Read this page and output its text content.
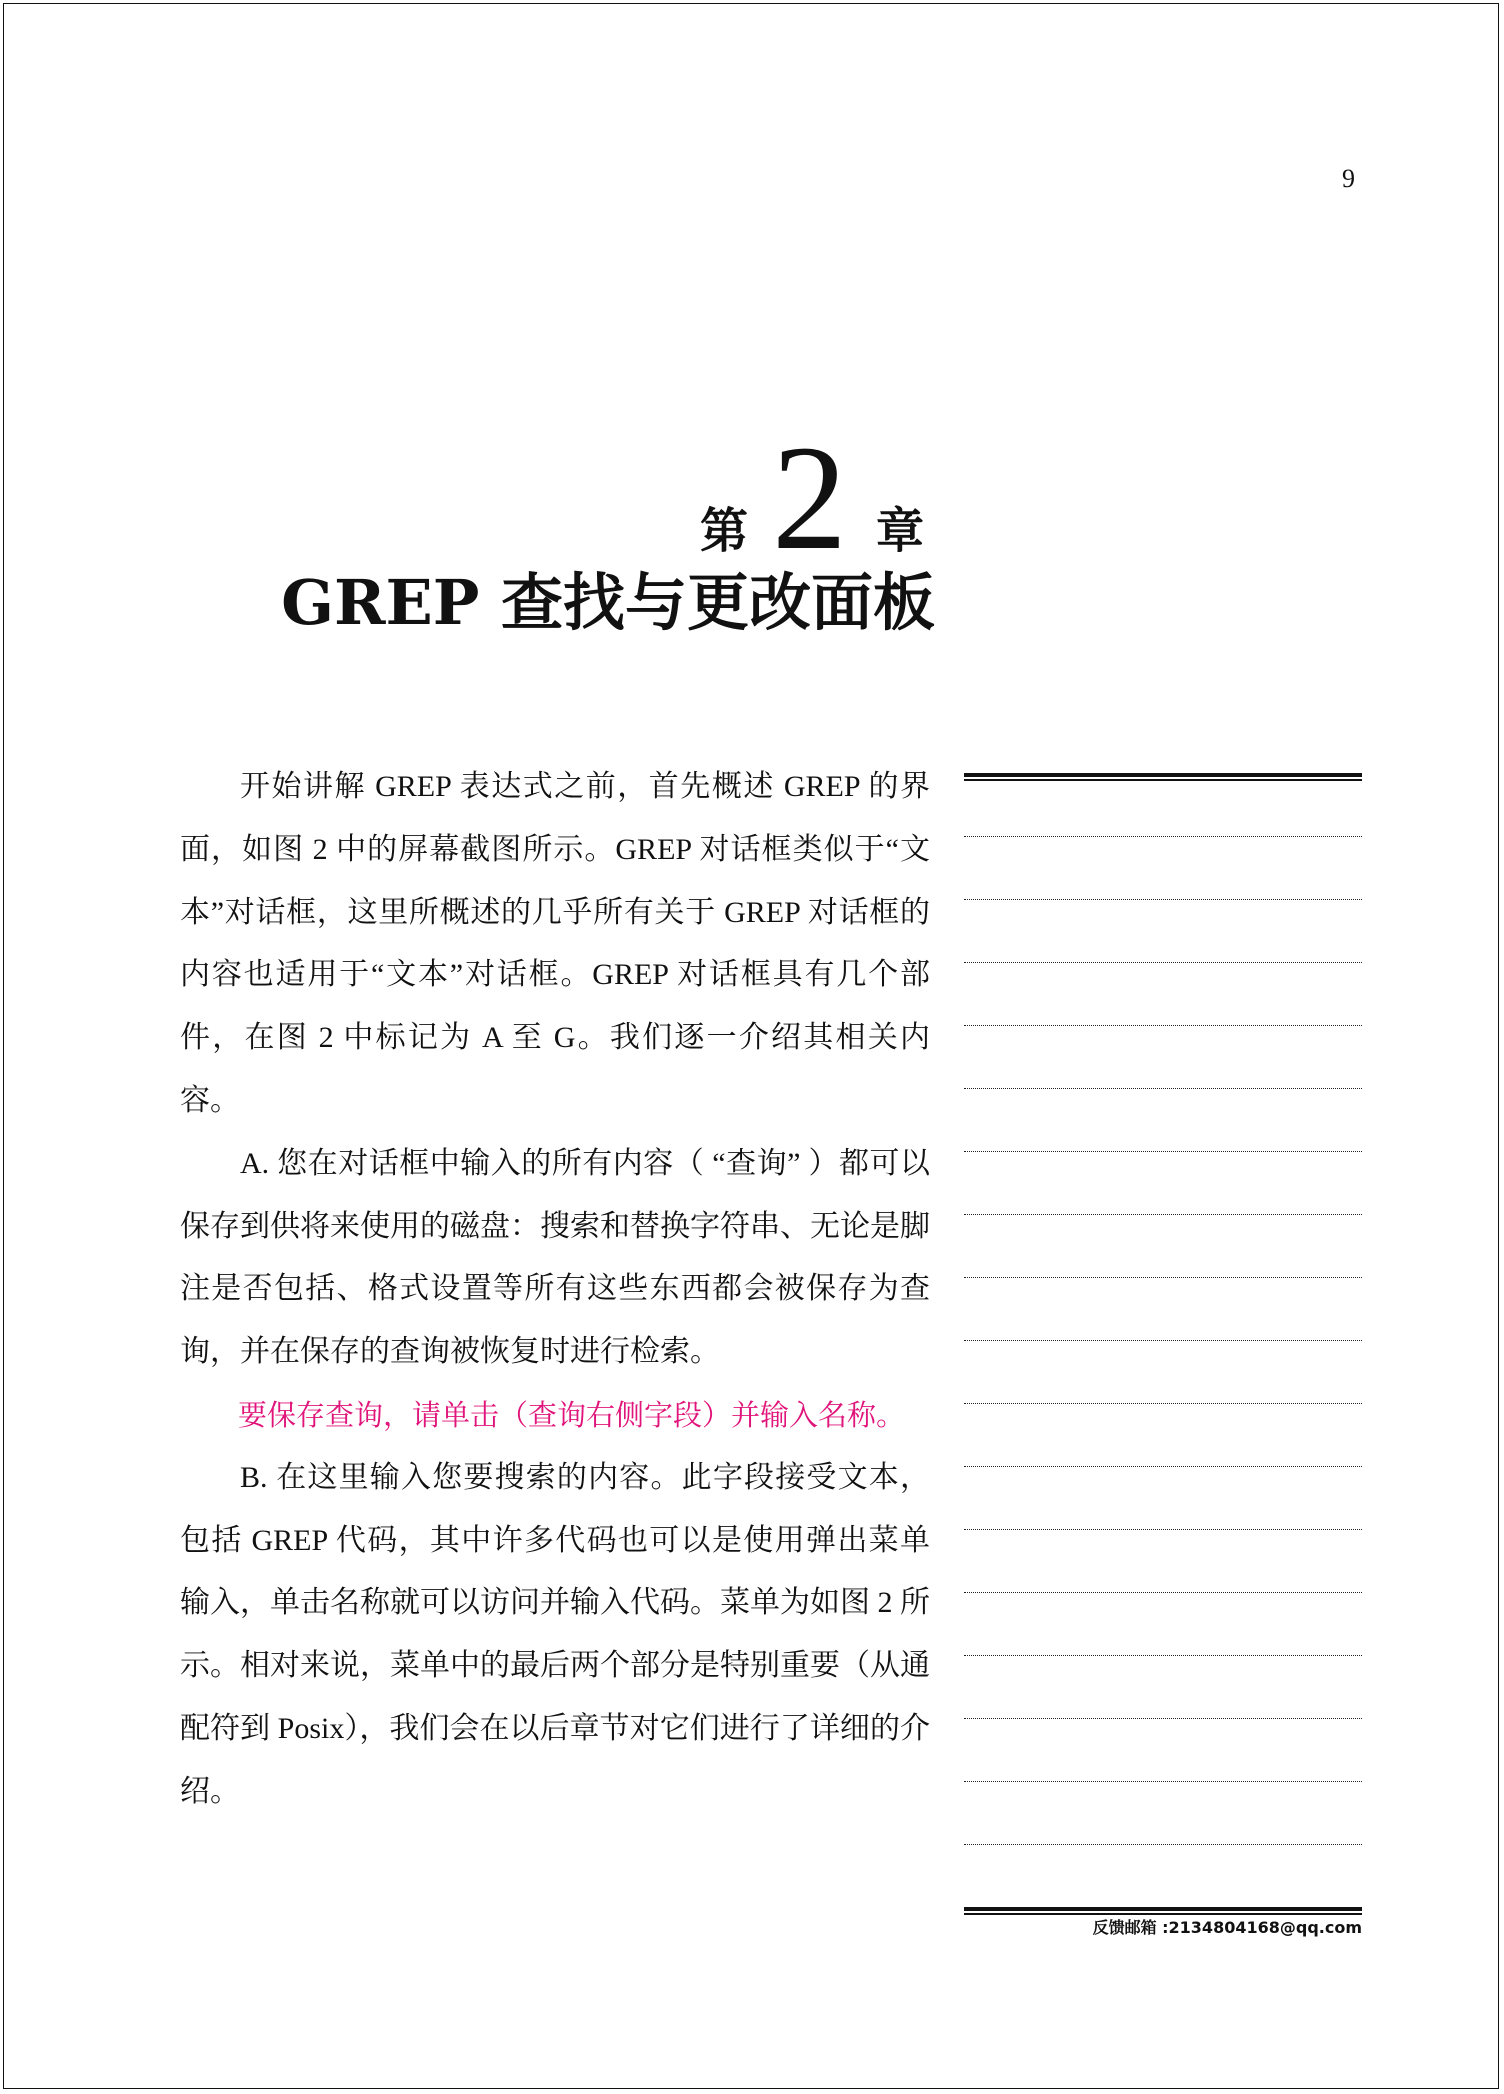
9
第 2 章
GREP 查找与更改面板

开始讲解 GREP 表达式之前，首先概述 GREP 的界面，如图 2 中的屏幕截图所示。GREP 对话框类似于“文本”对话框，这里所概述的几乎所有关于 GREP 对话框的内容也适用于“文本”对话框。GREP 对话框具有几个部件，在图 2 中标记为 A 至 G。我们逐一介绍其相关内容。

A. 您在对话框中输入的所有内容（ “查询” ）都可以保存到供将来使用的磁盘：搜索和替换字符串、无论是脚注是否包括、格式设置等所有这些东西都会被保存为查询，并在保存的查询被恢复时进行检索。

要保存查询，请单击（查询右侧字段）并输入名称。

B. 在这里输入您要搜索的内容。此字段接受文本，包括 GREP 代码，其中许多代码也可以是使用弹出菜单输入，单击名称就可以访问并输入代码。菜单为如图 2 所示。相对来说，菜单中的最后两个部分是特别重要（从通配符到 Posix），我们会在以后章节对它们进行了详细的介绍。

反馈邮箱 :2134804168@qq.com
